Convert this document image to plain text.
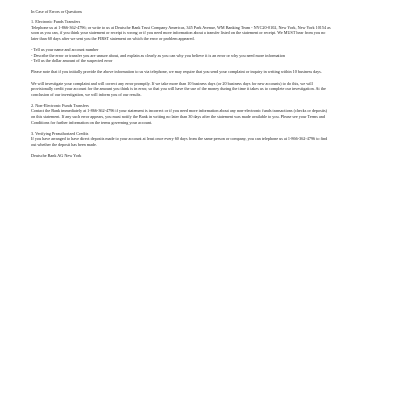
In Case of Errors or Questions

1. Electronic Funds Transfers

Telephone us at 1-866-362-4796; or write to us at Deutsche Bank Trust Company Americas, 345 Park Avenue, WM Banking Team - NYC20-0102, New York, New York 10154 as soon as you can, if you think your statement or receipt is wrong or if you need more information about a transfer listed on the statement or receipt. We MUST hear from you no later than 60 days after we sent you the FIRST statement on which the error or problem appeared.

- Tell us your name and account number
- Describe the error or transfer you are unsure about, and explain as clearly as you can why you believe it is an error or why you need more information
- Tell us the dollar amount of the suspected error

Please note that if you initially provide the above information to us via telephone, we may require that you send your complaint or inquiry in writing within 10 business days.

We will investigate your complaint and will correct any error promptly. If we take more than 10 business days (or 20 business days for new accounts) to do this, we will provisionally credit your account for the amount you think is in error, so that you will have the use of the money during the time it takes us to complete our investigation. At the conclusion of our investigation, we will inform you of our results.

2. Non-Electronic Funds Transfers

Contact the Bank immediately at 1-866-362-4796 if your statement is incorrect or if you need more information about any non-electronic funds transactions (checks or deposits) on this statement. If any such error appears, you must notify the Bank in writing no later than 30 days after the statement was made available to you. Please see your Terms and Conditions for further information on the terms governing your account.

3. Verifying Preauthorized Credits

If you have arranged to have direct deposits made to your account at least once every 60 days from the same person or company, you can telephone us at 1-866-362-4796 to find out whether the deposit has been made.

Deutsche Bank AG New York
